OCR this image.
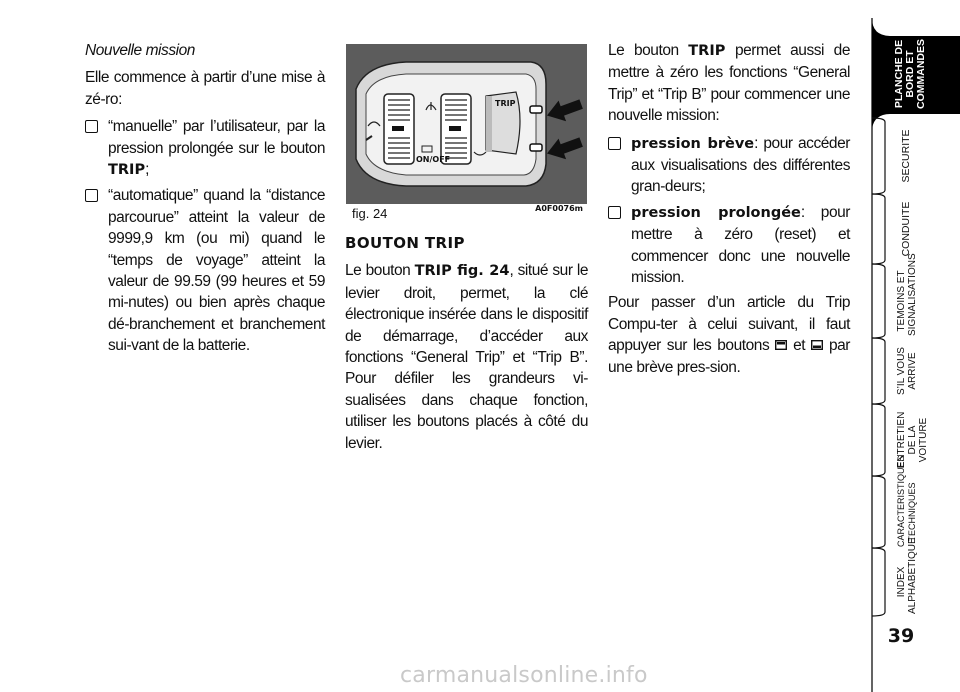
Nouvelle mission

Elle commence à partir d’une mise à zé-ro:

“manuelle” par l’utilisateur, par la pression prolongée sur le bouton TRIP;
“automatique” quand la “distance parcourue” atteint la valeur de 9999,9 km (ou mi) quand le “temps de voyage” atteint la valeur de 99.59 (99 heures et 59 mi-nutes) ou bien après chaque dé-branchement et branchement sui-vant de la batterie.
TRIP
ON/OFF
fig. 24	A0F0076m

BOUTON TRIP

Le bouton TRIP fig. 24, situé sur le levier droit, permet, la clé électronique insérée dans le dispositif de démarrage, d’accéder aux fonctions “General Trip” et “Trip B”. Pour défiler les grandeurs vi-sualisées dans chaque fonction, utiliser les boutons placés à côté du levier.

Le bouton TRIP permet aussi de mettre à zéro les fonctions “General Trip” et “Trip B” pour commencer une nouvelle mission:

pression brève: pour accéder aux visualisations des différentes gran-deurs;
pression prolongée: pour mettre à zéro (reset) et commencer donc une nouvelle mission.

Pour passer d’un article du Trip Compu-ter à celui suivant, il faut appuyer sur les boutons  et  par une brève pres-sion.

PLANCHE DE BORD ET COMMANDES
SECURITE
CONDUITE
TEMOINS ET SIGNALISATIONS
S’IL VOUS ARRIVE
ENTRETIEN DE LA VOITURE
CARACTERISTIQUES TECHNIQUES
INDEX ALPHABETIQUE
39
carmanualsonline.info
